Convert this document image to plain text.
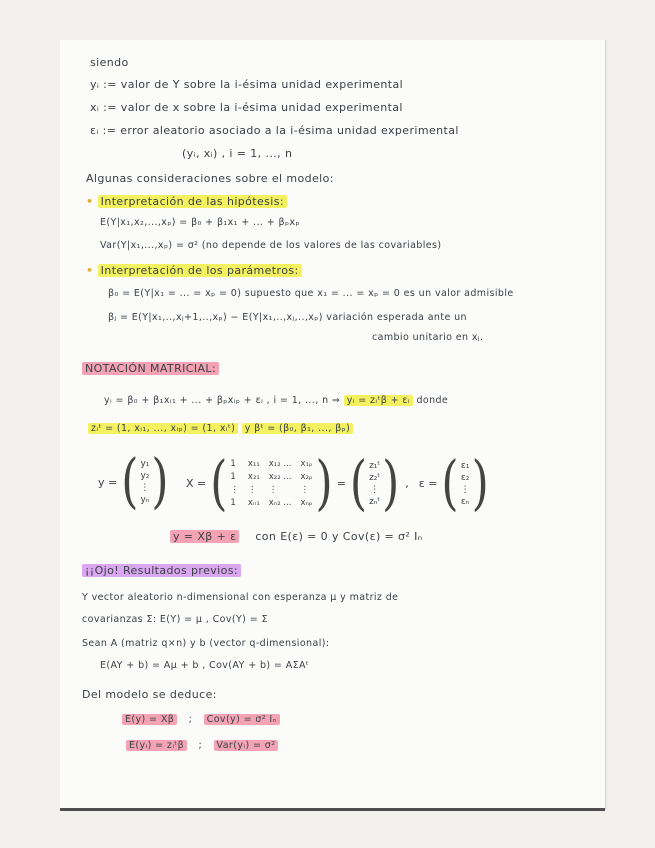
siendo
yᵢ := valor de Y sobre la i-ésima unidad experimental
xᵢ := valor de x sobre la i-ésima unidad experimental
εᵢ := error aleatorio asociado a la i-ésima unidad experimental
(yᵢ, xᵢ) , i = 1, ..., n
Algunas consideraciones sobre el modelo:
• Interpretación de las hipótesis:
E(Y|x₁,x₂,...,xₚ) = β₀ + β₁x₁ + ... + βₚxₚ
Var(Y|x₁,...,xₚ) = σ² (no depende de los valores de las covariables)
• Interpretación de los parámetros:
β₀ = E(Y|x₁ = ... = xₚ = 0) supuesto que x₁ = ... = xₚ = 0 es un valor admisible
βⱼ = E(Y|x₁,..,xⱼ+1,..,xₚ) − E(Y|x₁,..,xⱼ,..,xₚ) variación esperada ante un
cambio unitario en xⱼ.
NOTACIÓN MATRICIAL:
yᵢ = β₀ + β₁xᵢ₁ + ... + βₚxᵢₚ + εᵢ , i = 1, ..., n ⇒ yᵢ = zᵢᵗβ + εᵢ donde
zᵢᵗ = (1, xᵢ₁, ..., xᵢₚ) = (1, xᵢᵗ) y βᵗ = (β₀, β₁, ..., βₚ)
y = ( y₁
y₂
⋮
yₙ ) X = ( 1	x₁₁ x₁₂ ... x₁ₚ
1	x₂₁ x₂₂ ... x₂ₚ
⋮ ⋮	⋮	⋮
1	xₙ₁ xₙ₂ ... xₙₚ ) = ( z₁ᵗ
z₂ᵗ
⋮
zₙᵗ ) , ε = ( ε₁
ε₂
⋮
εₙ )
y = Xβ + ε con E(ε) = 0 y Cov(ε) = σ² Iₙ
¡¡Ojo! Resultados previos:
Y vector aleatorio n-dimensional con esperanza μ y matriz de
covarianzas Σ: E(Y) = μ , Cov(Y) = Σ
Sean A (matriz q×n) y b (vector q-dimensional):
E(AY + b) = Aμ + b , Cov(AY + b) = AΣAᵗ
Del modelo se deduce:
E(y) = Xβ ; Cov(y) = σ² Iₙ
E(yᵢ) = zᵢᵗβ ; Var(yᵢ) = σ²
